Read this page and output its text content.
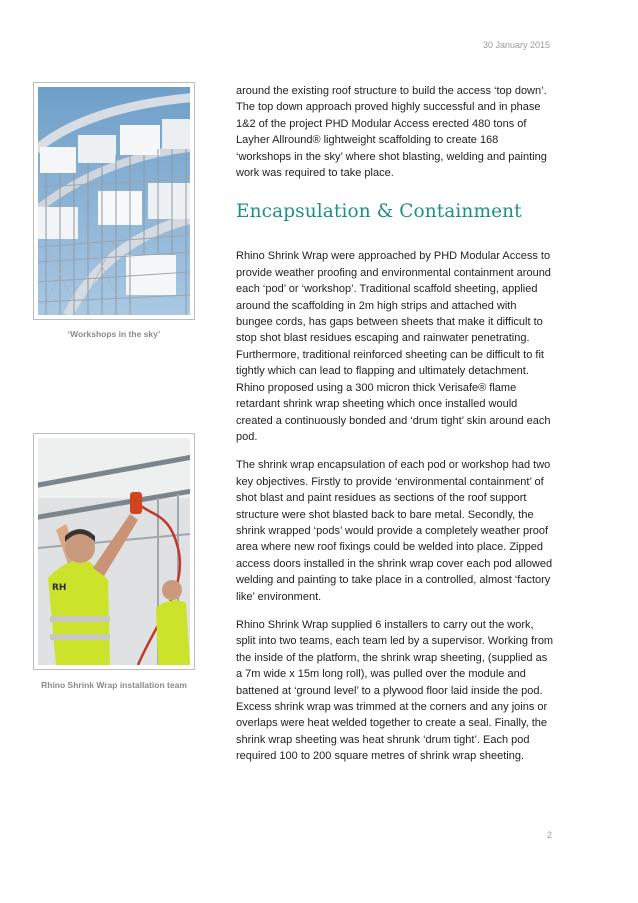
30 January 2015
‘Workshops in the sky’
RH
Rhino Shrink Wrap installation team

around the existing roof structure to build the access ‘top down’.
The top down approach proved highly successful and in phase 1&2 of the project PHD Modular Access erected 480 tons of Layher Allround® lightweight scaffolding to create 168 ‘workshops in the sky’ where shot blasting, welding and painting work was required to take place.

Encapsulation & Containment

Rhino Shrink Wrap were approached by PHD Modular Access to provide weather proofing and environmental containment around each ‘pod’ or ‘workshop’. Traditional scaffold sheeting, applied around the scaffolding in 2m high strips and attached with bungee cords, has gaps between sheets that make it difficult to stop shot blast residues escaping and rainwater penetrating. Furthermore, traditional reinforced sheeting can be difficult to fit tightly which can lead to flapping and ultimately detachment. Rhino proposed using a 300 micron thick Verisafe® flame retardant shrink wrap sheeting which once installed would created a continuously bonded and ‘drum tight’ skin around each pod.

The shrink wrap encapsulation of each pod or workshop had two key objectives. Firstly to provide ‘environmental containment’ of shot blast and paint residues as sections of the roof support structure were shot blasted back to bare metal. Secondly, the shrink wrapped ‘pods’ would provide a completely weather proof area where new roof fixings could be welded into place. Zipped access doors installed in the shrink wrap cover each pod allowed welding and painting to take place in a controlled, almost ‘factory like’ environment.

Rhino Shrink Wrap supplied 6 installers to carry out the work, split into two teams, each team led by a supervisor. Working from the inside of the platform, the shrink wrap sheeting, (supplied as a 7m wide x 15m long roll), was pulled over the module and battened at ‘ground level’ to a plywood floor laid inside the pod. Excess shrink wrap was trimmed at the corners and any joins or overlaps were heat welded together to create a seal. Finally, the shrink wrap sheeting was heat shrunk ‘drum tight’. Each pod required 100 to 200 square metres of shrink wrap sheeting.

2
